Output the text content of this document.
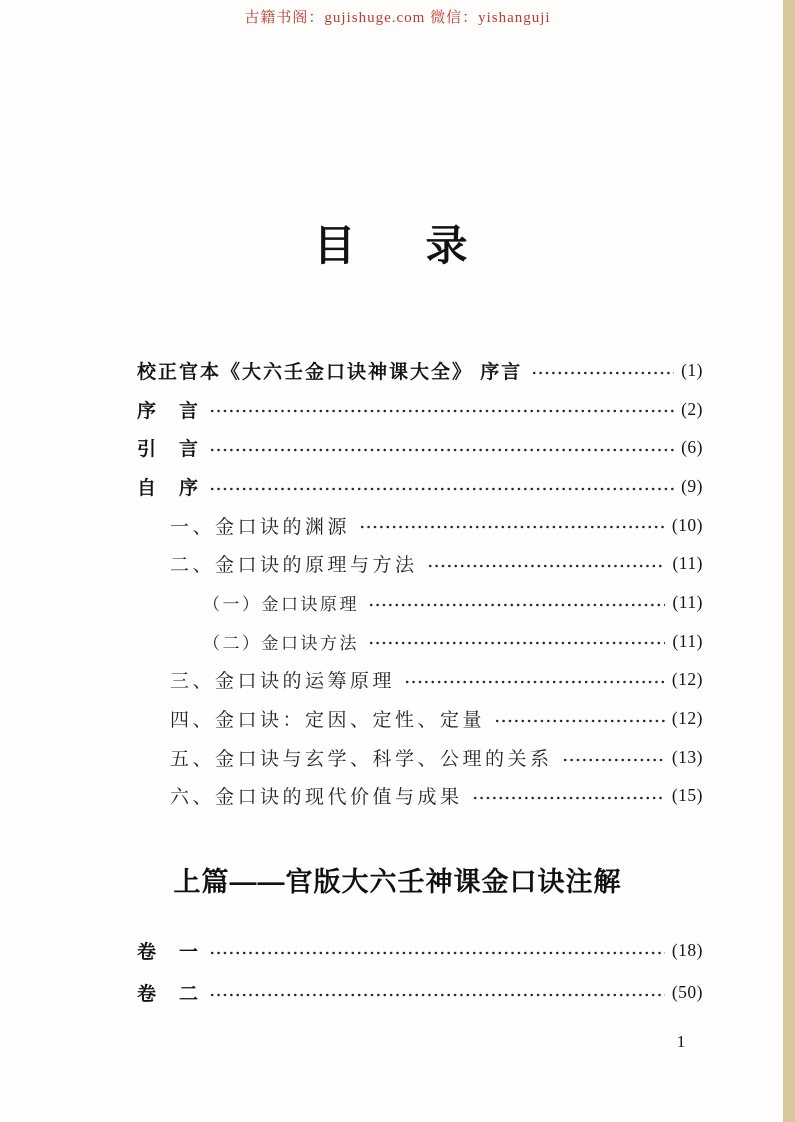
古籍书阁：gujishuge.com 微信：yishanguji
目　录
校正官本《大六壬金口诀神课大全》 序言	(1)
序　言	(2)
引　言	(6)
自　序	(9)
一、金口诀的渊源	(10)
二、金口诀的原理与方法	(11)
（一）金口诀原理	(11)
（二）金口诀方法	(11)
三、金口诀的运筹原理	(12)
四、金口诀：定因、定性、定量	(12)
五、金口诀与玄学、科学、公理的关系	(13)
六、金口诀的现代价值与成果	(15)
上篇——官版大六壬神课金口诀注解
卷　一	(18)
卷　二	(50)
1
